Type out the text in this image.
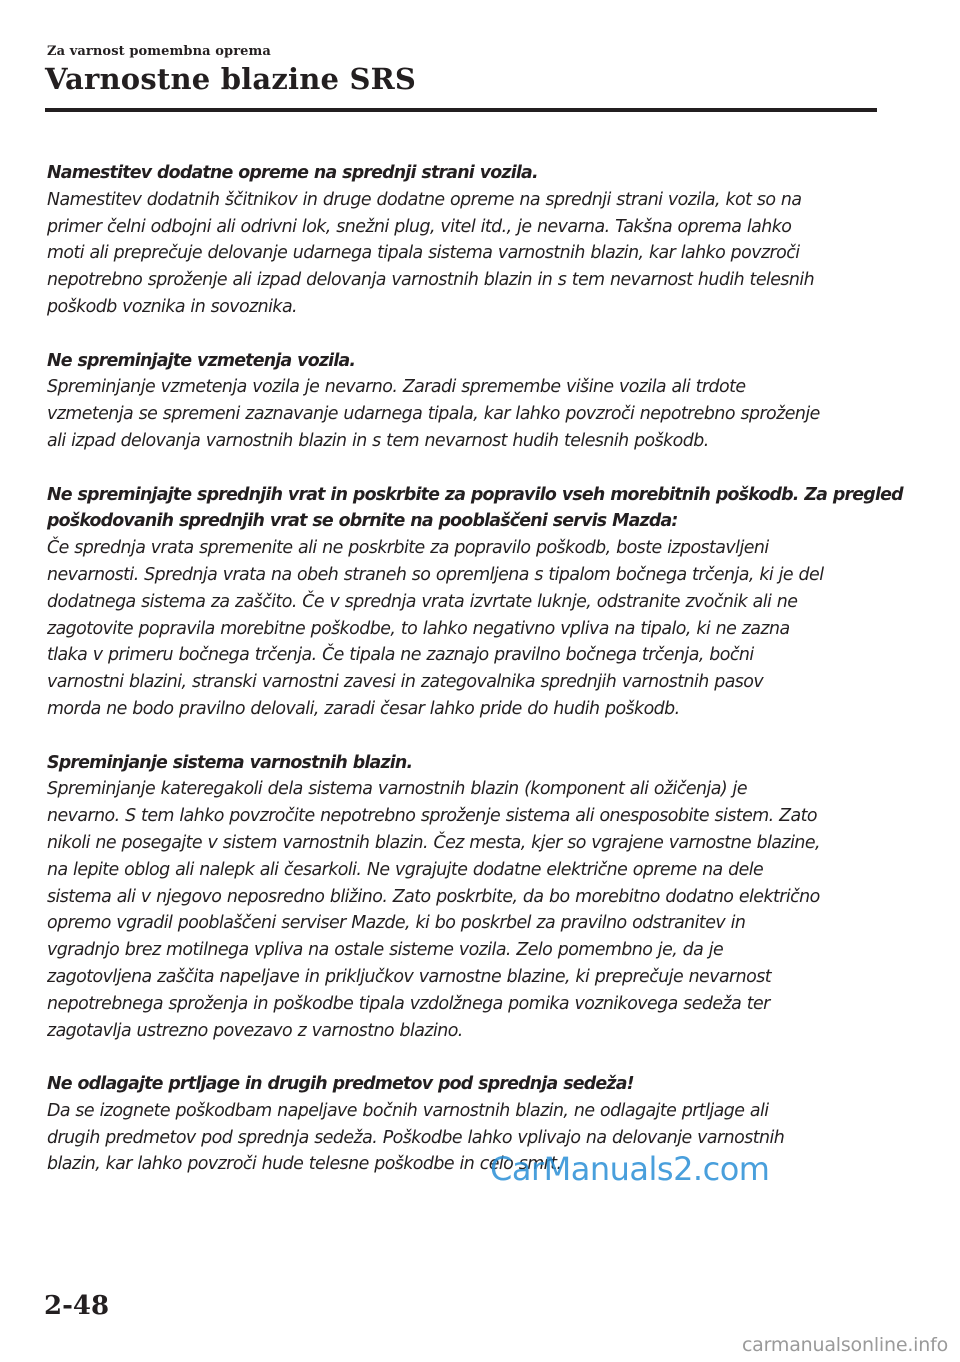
Za varnost pomembna oprema
Varnostne blazine SRS
Namestitev dodatne opreme na sprednji strani vozila.
Namestitev dodatnih ščitnikov in druge dodatne opreme na sprednji strani vozila, kot so na
primer čelni odbojni ali odrivni lok, snežni plug, vitel itd., je nevarna. Takšna oprema lahko
moti ali preprečuje delovanje udarnega tipala sistema varnostnih blazin, kar lahko povzroči
nepotrebno sproženje ali izpad delovanja varnostnih blazin in s tem nevarnost hudih telesnih
poškodb voznika in sovoznika.
Ne spreminjajte vzmetenja vozila.
Spreminjanje vzmetenja vozila je nevarno. Zaradi spremembe višine vozila ali trdote
vzmetenja se spremeni zaznavanje udarnega tipala, kar lahko povzroči nepotrebno sproženje
ali izpad delovanja varnostnih blazin in s tem nevarnost hudih telesnih poškodb.
Ne spreminjajte sprednjih vrat in poskrbite za popravilo vseh morebitnih poškodb. Za pregled
poškodovanih sprednjih vrat se obrnite na pooblaščeni servis Mazda:
Če sprednja vrata spremenite ali ne poskrbite za popravilo poškodb, boste izpostavljeni
nevarnosti. Sprednja vrata na obeh straneh so opremljena s tipalom bočnega trčenja, ki je del
dodatnega sistema za zaščito. Če v sprednja vrata izvrtate luknje, odstranite zvočnik ali ne
zagotovite popravila morebitne poškodbe, to lahko negativno vpliva na tipalo, ki ne zazna
tlaka v primeru bočnega trčenja. Če tipala ne zaznajo pravilno bočnega trčenja, bočni
varnostni blazini, stranski varnostni zavesi in zategovalnika sprednjih varnostnih pasov
morda ne bodo pravilno delovali, zaradi česar lahko pride do hudih poškodb.
Spreminjanje sistema varnostnih blazin.
Spreminjanje kateregakoli dela sistema varnostnih blazin (komponent ali ožičenja) je
nevarno. S tem lahko povzročite nepotrebno sproženje sistema ali onesposobite sistem. Zato
nikoli ne posegajte v sistem varnostnih blazin. Čez mesta, kjer so vgrajene varnostne blazine,
na lepite oblog ali nalepk ali česarkoli. Ne vgrajujte dodatne električne opreme na dele
sistema ali v njegovo neposredno bližino. Zato poskrbite, da bo morebitno dodatno električno
opremo vgradil pooblaščeni serviser Mazde, ki bo poskrbel za pravilno odstranitev in
vgradnjo brez motilnega vpliva na ostale sisteme vozila. Zelo pomembno je, da je
zagotovljena zaščita napeljave in priključkov varnostne blazine, ki preprečuje nevarnost
nepotrebnega sproženja in poškodbe tipala vzdolžnega pomika voznikovega sedeža ter
zagotavlja ustrezno povezavo z varnostno blazino.
Ne odlagajte prtljage in drugih predmetov pod sprednja sedeža!
Da se izognete poškodbam napeljave bočnih varnostnih blazin, ne odlagajte prtljage ali
drugih predmetov pod sprednja sedeža. Poškodbe lahko vplivajo na delovanje varnostnih
blazin, kar lahko povzroči hude telesne poškodbe in celo smrt.
CarManuals2.com
2-48
carmanualsonline.info
